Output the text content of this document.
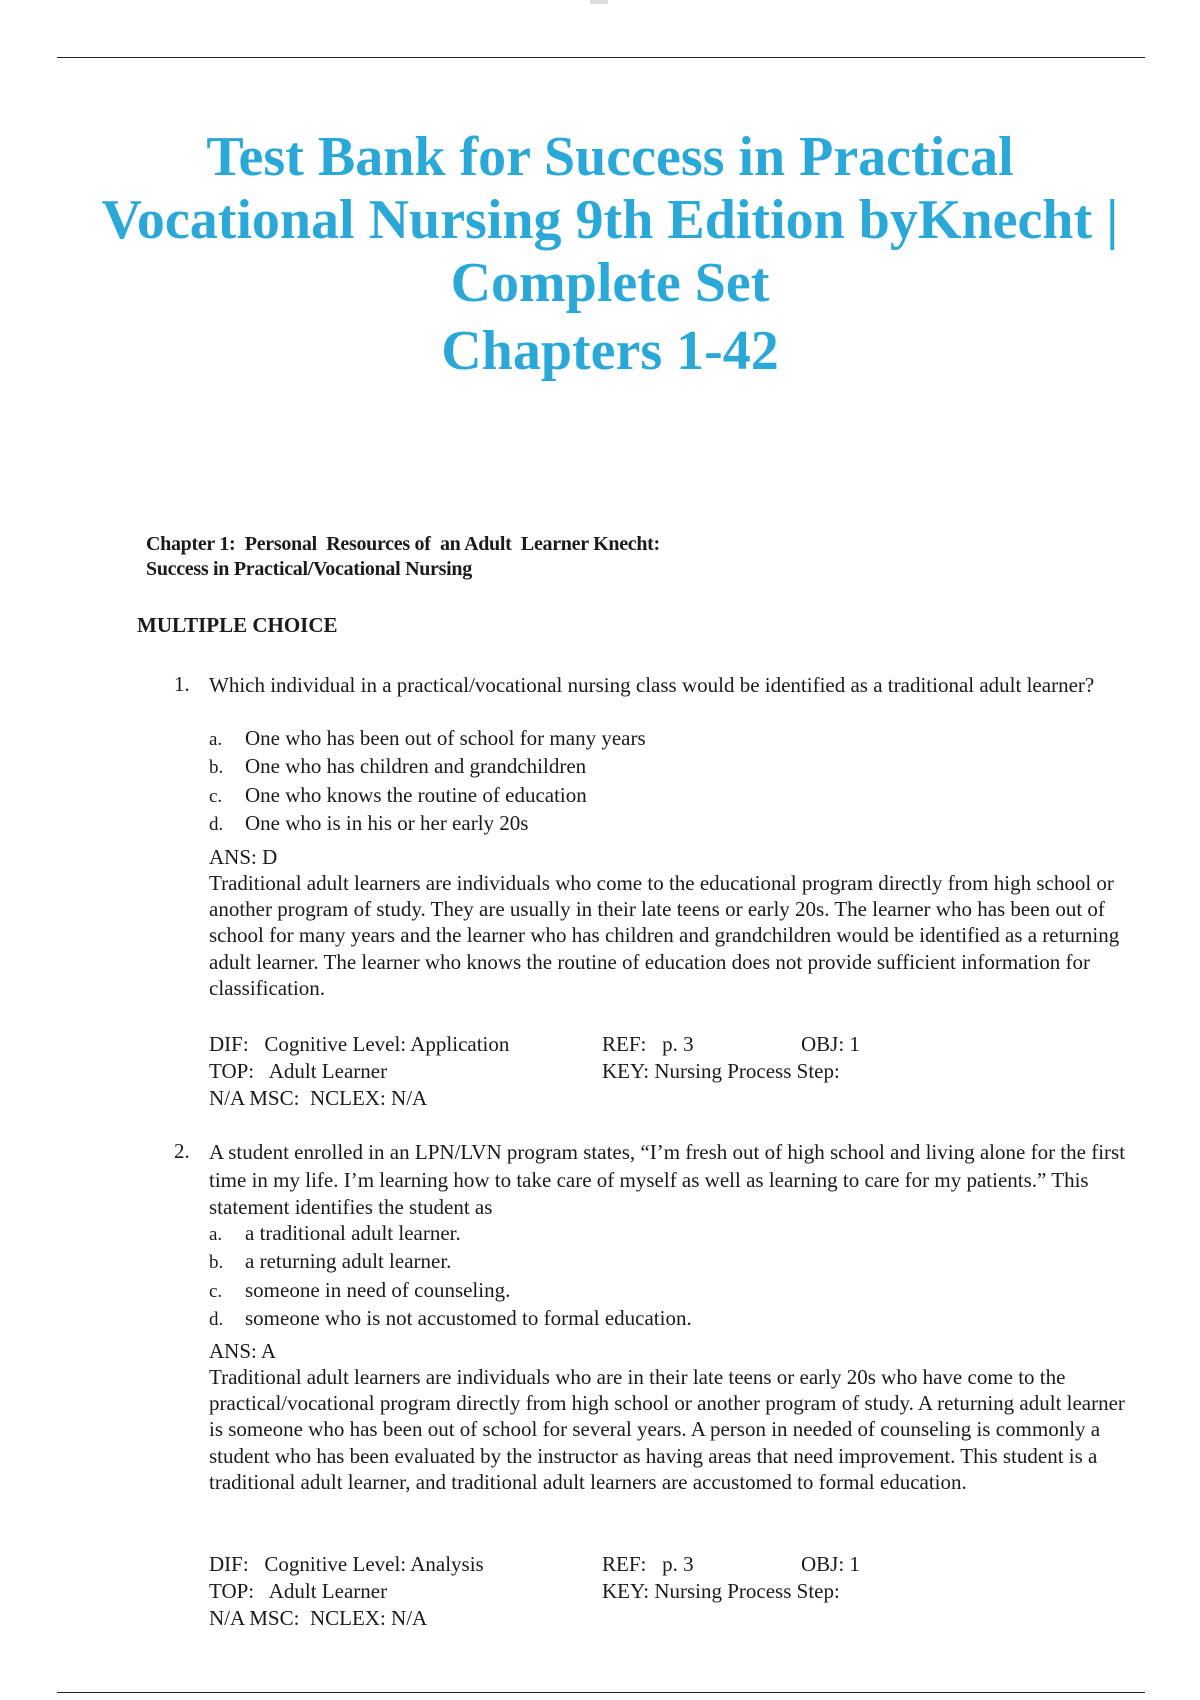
Test Bank for Success in Practical
Vocational Nursing 9th Edition byKnecht |
Complete Set
Chapters 1-42
Chapter 1:  Personal  Resources of  an Adult  Learner Knecht:
Success in Practical/Vocational Nursing
MULTIPLE CHOICE
1. Which individual in a practical/vocational nursing class would be identified as a traditional adult learner?
a. One who has been out of school for many years
b. One who has children and grandchildren
c. One who knows the routine of education
d. One who is in his or her early 20s
ANS: D
Traditional adult learners are individuals who come to the educational program directly from high school or another program of study. They are usually in their late teens or early 20s. The learner who has been out of school for many years and the learner who has children and grandchildren would be identified as a returning adult learner. The learner who knows the routine of education does not provide sufficient information for classification.
DIF:   Cognitive Level: Application	REF:   p. 3	OBJ: 1
TOP:   Adult Learner	KEY: Nursing Process Step:
N/A MSC:  NCLEX: N/A
2. A student enrolled in an LPN/LVN program states, “I’m fresh out of high school and living alone for the first time in my life. I’m learning how to take care of myself as well as learning to care for my patients.” This statement identifies the student as
a. a traditional adult learner.
b. a returning adult learner.
c. someone in need of counseling.
d. someone who is not accustomed to formal education.
ANS: A
Traditional adult learners are individuals who are in their late teens or early 20s who have come to the practical/vocational program directly from high school or another program of study. A returning adult learner is someone who has been out of school for several years. A person in needed of counseling is commonly a student who has been evaluated by the instructor as having areas that need improvement. This student is a traditional adult learner, and traditional adult learners are accustomed to formal education.
DIF:   Cognitive Level: Analysis	REF:   p. 3	OBJ: 1
TOP:   Adult Learner	KEY: Nursing Process Step:
N/A MSC:  NCLEX: N/A
